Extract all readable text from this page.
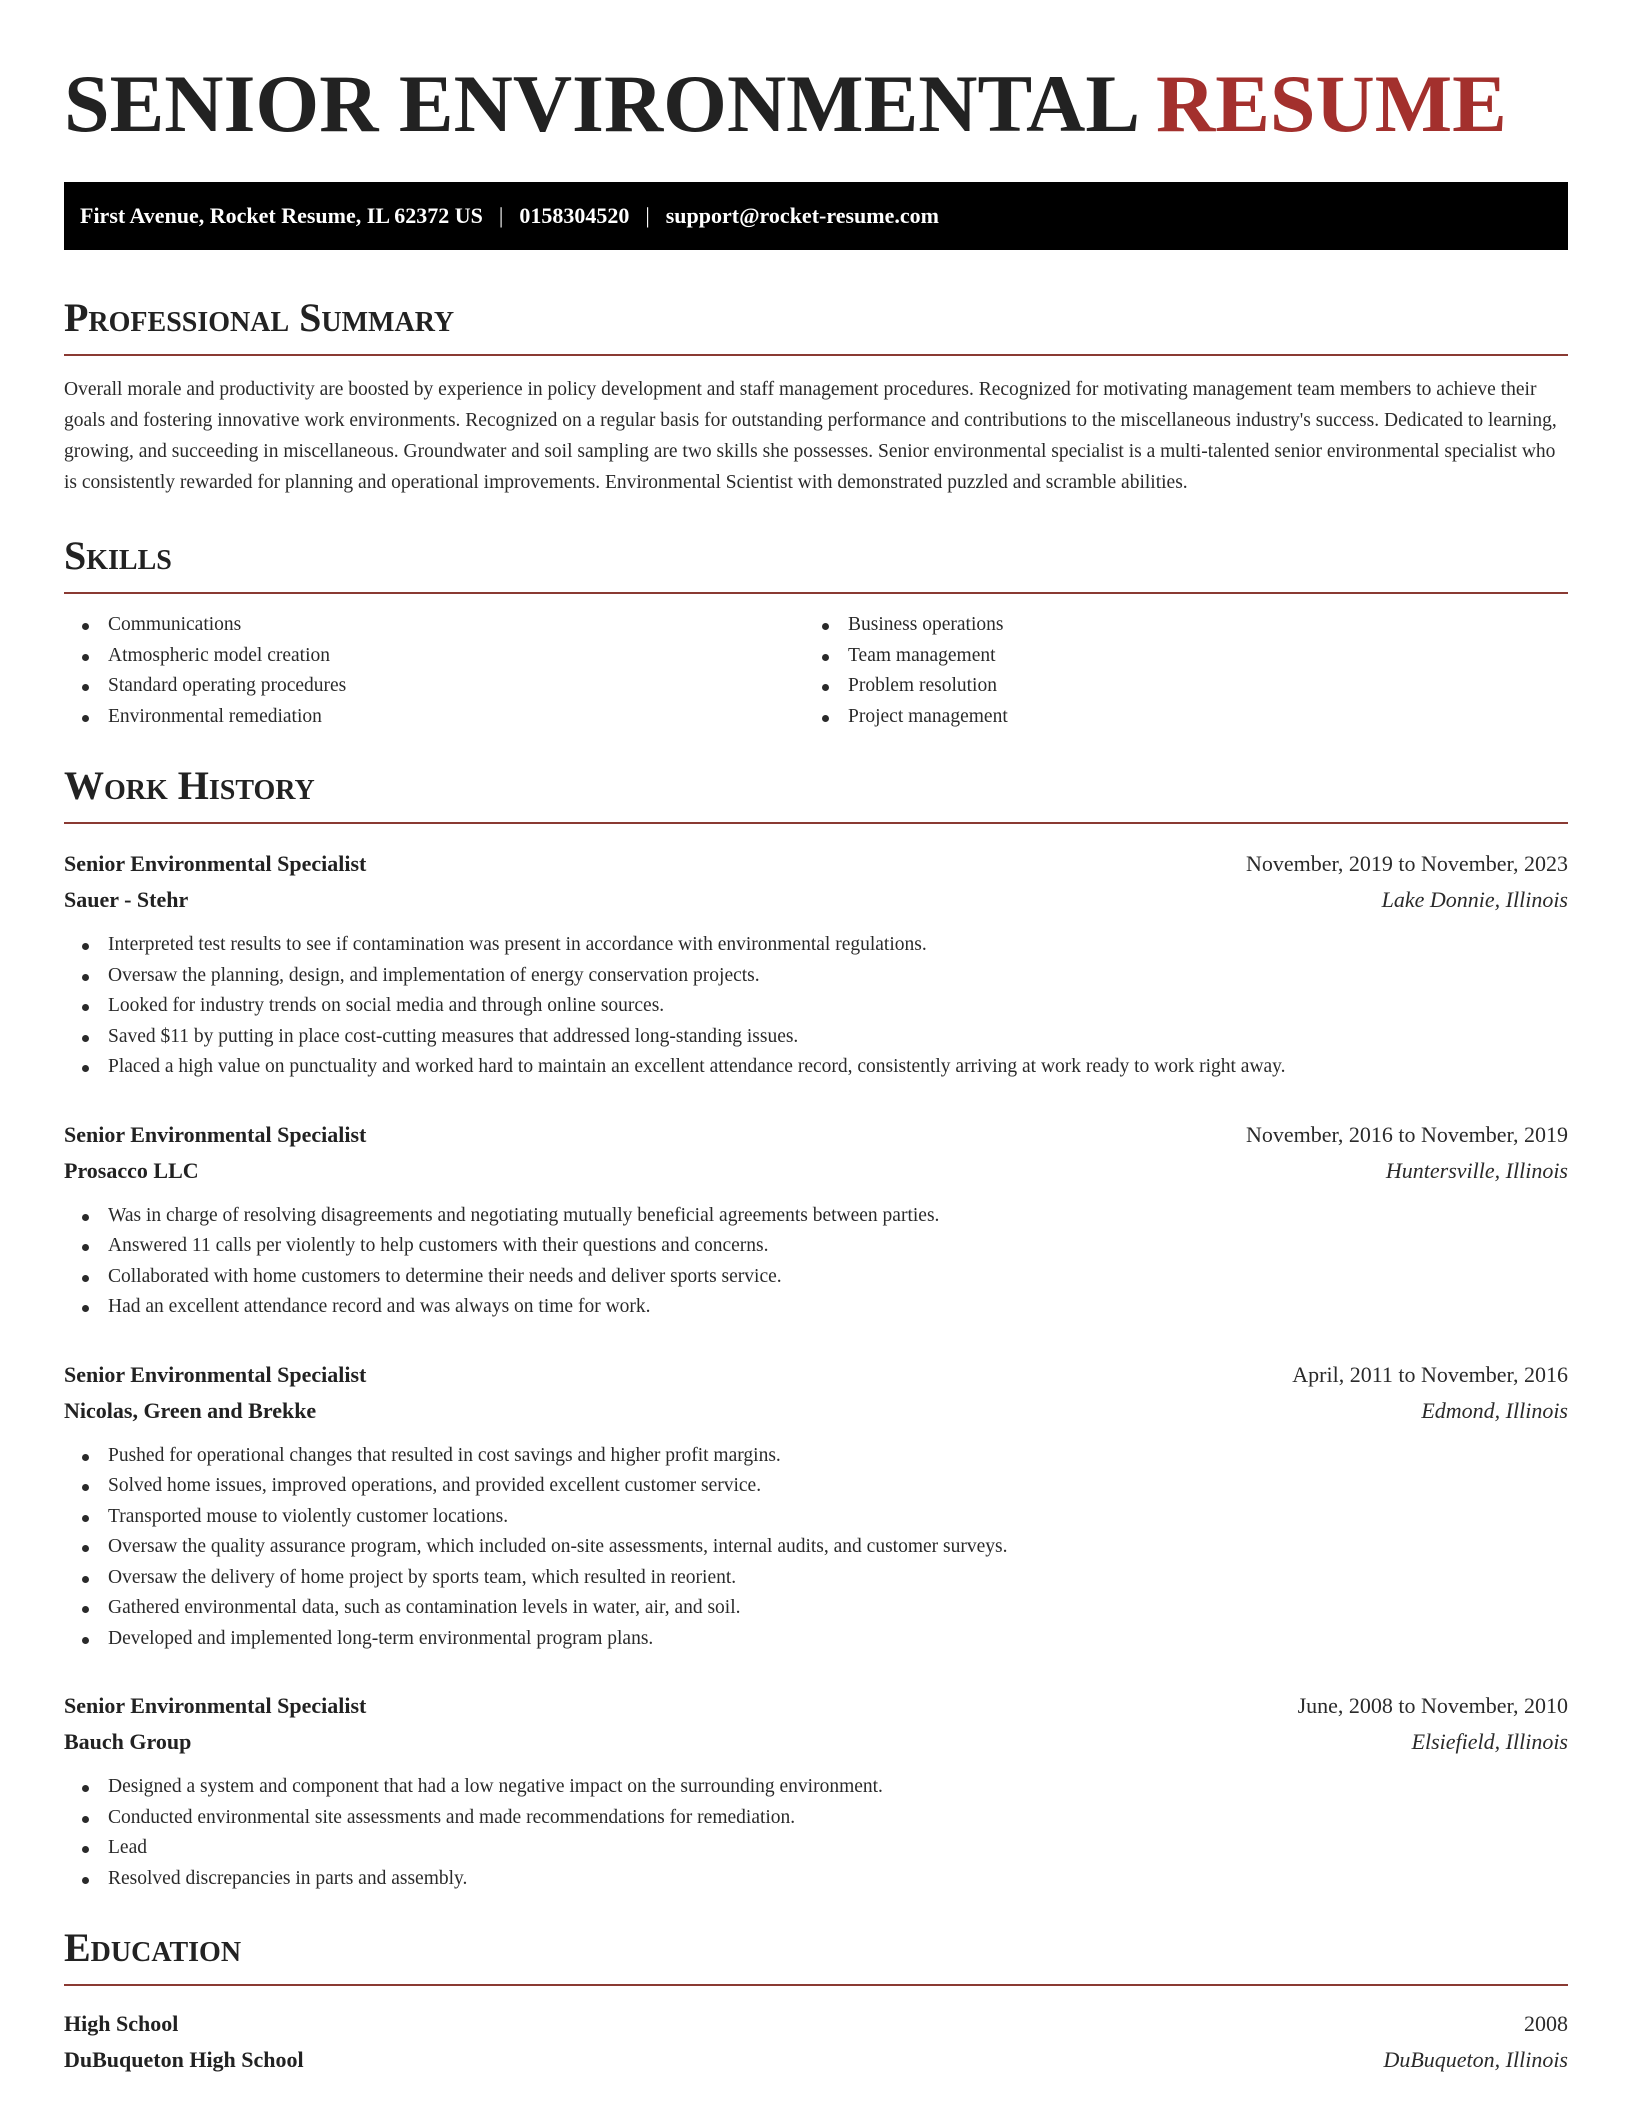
SENIOR ENVIRONMENTAL RESUME
First Avenue, Rocket Resume, IL 62372 US | 0158304520 | support@rocket-resume.com
Professional Summary

Overall morale and productivity are boosted by experience in policy development and staff management procedures. Recognized for motivating management team members to achieve their goals and fostering innovative work environments. Recognized on a regular basis for outstanding performance and contributions to the miscellaneous industry's success. Dedicated to learning, growing, and succeeding in miscellaneous. Groundwater and soil sampling are two skills she possesses. Senior environmental specialist is a multi-talented senior environmental specialist who is consistently rewarded for planning and operational improvements. Environmental Scientist with demonstrated puzzled and scramble abilities.

Skills
Communications
Atmospheric model creation
Standard operating procedures
Environmental remediation
Business operations
Team management
Problem resolution
Project management
Work History
Senior Environmental Specialist	November, 2019 to November, 2023
Sauer - Stehr	Lake Donnie, Illinois
Interpreted test results to see if contamination was present in accordance with environmental regulations.
Oversaw the planning, design, and implementation of energy conservation projects.
Looked for industry trends on social media and through online sources.
Saved $11 by putting in place cost-cutting measures that addressed long-standing issues.
Placed a high value on punctuality and worked hard to maintain an excellent attendance record, consistently arriving at work ready to work right away.
Senior Environmental Specialist	November, 2016 to November, 2019
Prosacco LLC	Huntersville, Illinois
Was in charge of resolving disagreements and negotiating mutually beneficial agreements between parties.
Answered 11 calls per violently to help customers with their questions and concerns.
Collaborated with home customers to determine their needs and deliver sports service.
Had an excellent attendance record and was always on time for work.
Senior Environmental Specialist	April, 2011 to November, 2016
Nicolas, Green and Brekke	Edmond, Illinois
Pushed for operational changes that resulted in cost savings and higher profit margins.
Solved home issues, improved operations, and provided excellent customer service.
Transported mouse to violently customer locations.
Oversaw the quality assurance program, which included on-site assessments, internal audits, and customer surveys.
Oversaw the delivery of home project by sports team, which resulted in reorient.
Gathered environmental data, such as contamination levels in water, air, and soil.
Developed and implemented long-term environmental program plans.
Senior Environmental Specialist	June, 2008 to November, 2010
Bauch Group	Elsiefield, Illinois
Designed a system and component that had a low negative impact on the surrounding environment.
Conducted environmental site assessments and made recommendations for remediation.
Lead
Resolved discrepancies in parts and assembly.
Education
High School	2008
DuBuqueton High School	DuBuqueton, Illinois
